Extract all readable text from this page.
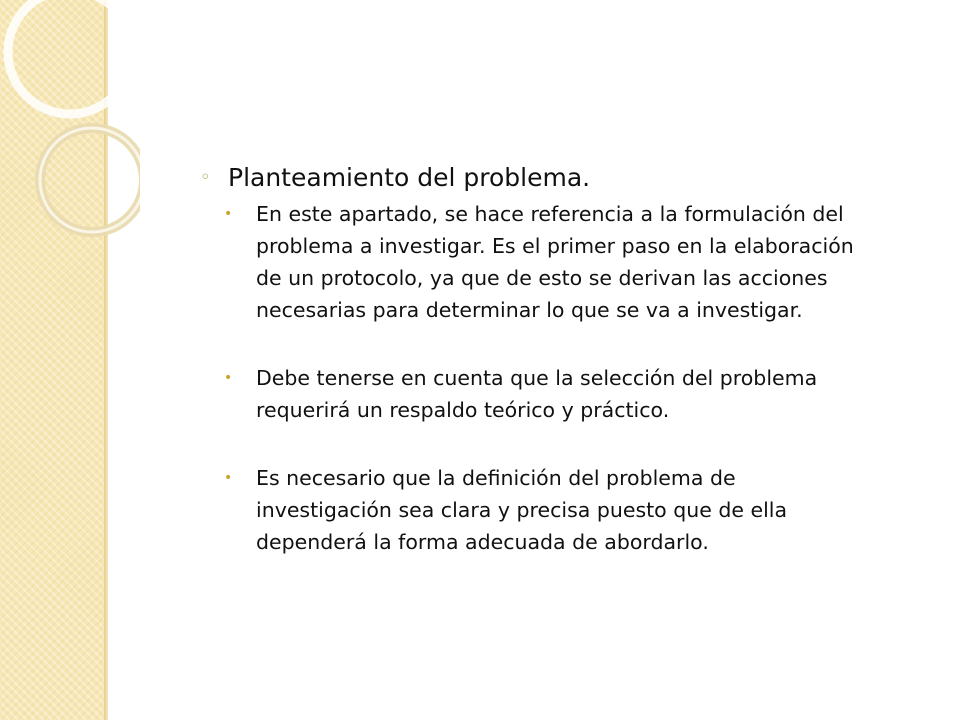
◦ Planteamiento del problema.
•	En este apartado, se hace referencia a la formulación del problema a investigar. Es el primer paso en la elaboración de un protocolo, ya que de esto se derivan las acciones necesarias para determinar lo que se va a investigar.

•	Debe tenerse en cuenta que la selección del problema requerirá un respaldo teórico y práctico.

•	Es necesario que la definición del problema de investigación sea clara y precisa puesto que de ella dependerá la forma adecuada de abordarlo.
